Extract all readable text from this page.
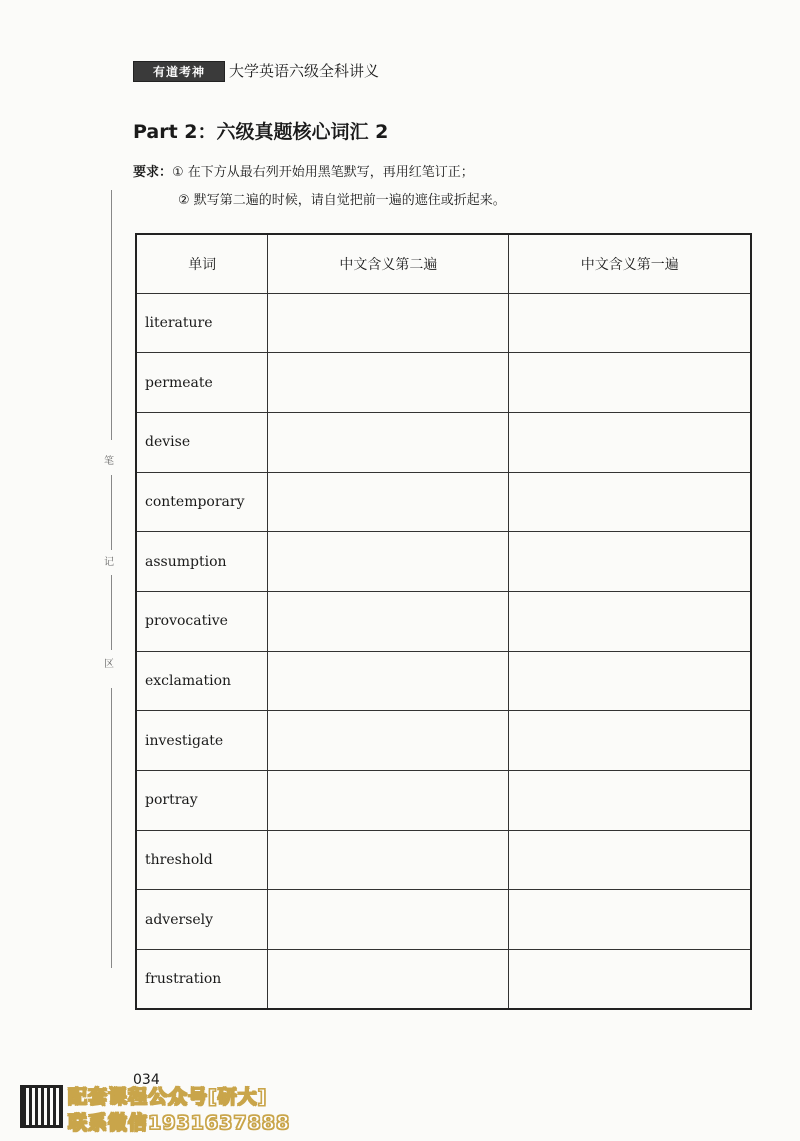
有道考神 大学英语六级全科讲义
Part 2：六级真题核心词汇 2
要求：① 在下方从最右列开始用黑笔默写，再用红笔订正；
② 默写第二遍的时候，请自觉把前一遍的遮住或折起来。
笔
记
区
单词	中文含义第二遍	中文含义第一遍
literature		
permeate		
devise		
contemporary		
assumption		
provocative		
exclamation		
investigate		
portray		
threshold		
adversely		
frustration		
034
配套课程公众号[研大]
联系微信1931637888
